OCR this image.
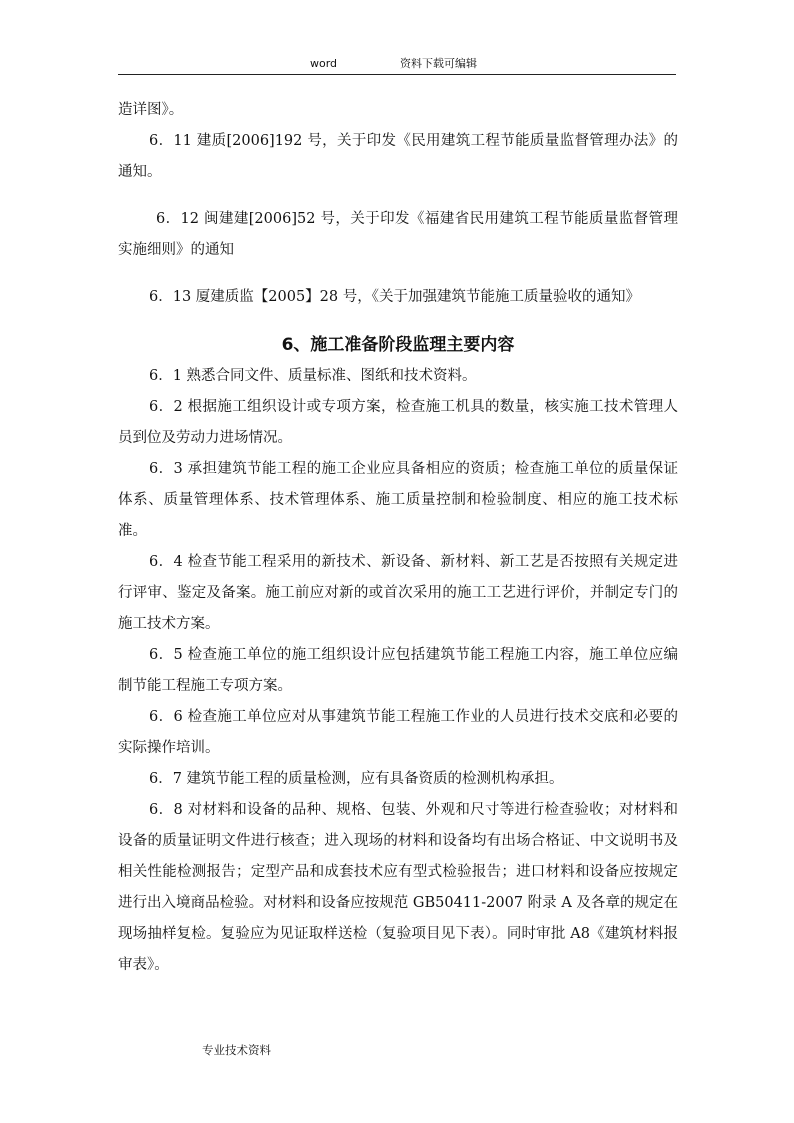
word	资料下载可编辑

造详图》。

6．11 建质[2006]192 号，关于印发《民用建筑工程节能质量监督管理办法》的通知。

6．12 闽建建[2006]52 号，关于印发《福建省民用建筑工程节能质量监督管理实施细则》的通知

6．13 厦建质监【2005】28 号，《关于加强建筑节能施工质量验收的通知》

6、施工准备阶段监理主要内容

6．1 熟悉合同文件、质量标准、图纸和技术资料。

6．2 根据施工组织设计或专项方案，检查施工机具的数量，核实施工技术管理人员到位及劳动力进场情况。

6．3 承担建筑节能工程的施工企业应具备相应的资质；检查施工单位的质量保证体系、质量管理体系、技术管理体系、施工质量控制和检验制度、相应的施工技术标准。

6．4 检查节能工程采用的新技术、新设备、新材料、新工艺是否按照有关规定进行评审、鉴定及备案。施工前应对新的或首次采用的施工工艺进行评价，并制定专门的施工技术方案。

6．5 检查施工单位的施工组织设计应包括建筑节能工程施工内容，施工单位应编制节能工程施工专项方案。

6．6 检查施工单位应对从事建筑节能工程施工作业的人员进行技术交底和必要的实际操作培训。

6．7 建筑节能工程的质量检测，应有具备资质的检测机构承担。

6．8 对材料和设备的品种、规格、包装、外观和尺寸等进行检查验收；对材料和设备的质量证明文件进行核查；进入现场的材料和设备均有出场合格证、中文说明书及相关性能检测报告；定型产品和成套技术应有型式检验报告；进口材料和设备应按规定进行出入境商品检验。对材料和设备应按规范 GB50411-2007 附录 A 及各章的规定在现场抽样复检。复验应为见证取样送检（复验项目见下表）。同时审批 A8《建筑材料报审表》。

专业技术资料
